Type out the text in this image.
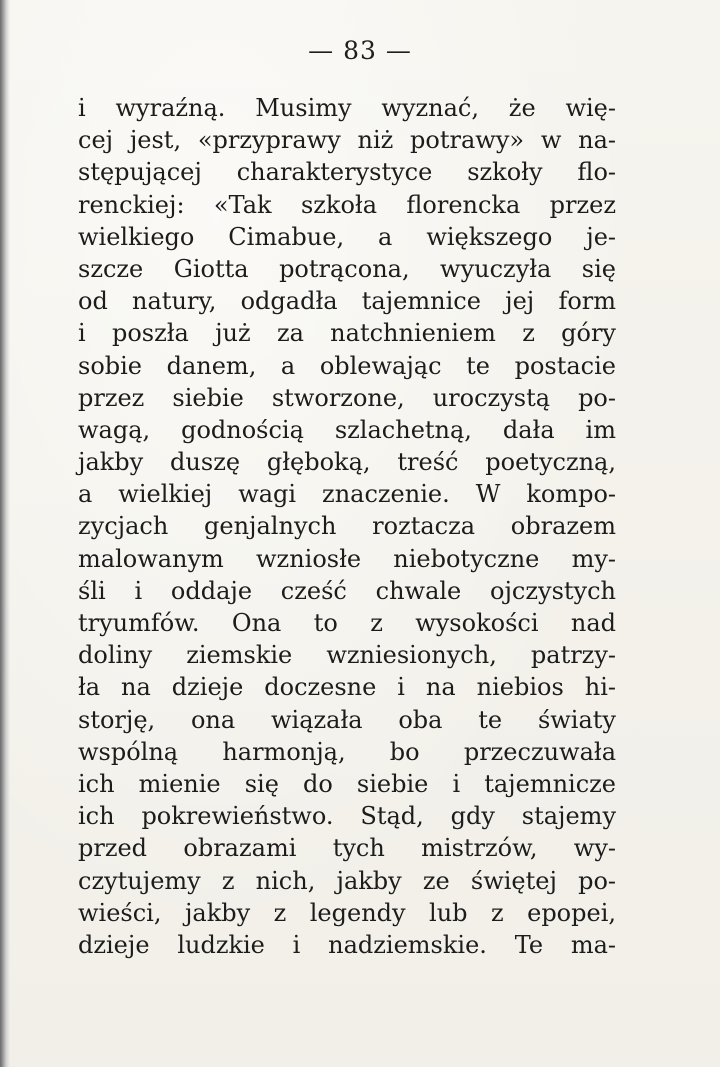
— 83 —
i wyraźną. Musimy wyznać, że wię-
cej jest, «przyprawy niż potrawy» w na-
stępującej charakterystyce szkoły flo-
renckiej: «Tak szkoła florencka przez
wielkiego Cimabue, a większego je-
szcze Giotta potrącona, wyuczyła się
od natury, odgadła tajemnice jej form
i poszła już za natchnieniem z góry
sobie danem, a oblewając te postacie
przez siebie stworzone, uroczystą po-
wagą, godnością szlachetną, dała im
jakby duszę głęboką, treść poetyczną,
a wielkiej wagi znaczenie. W kompo-
zycjach genjalnych roztacza obrazem
malowanym wzniosłe niebotyczne my-
śli i oddaje cześć chwale ojczystych
tryumfów. Ona to z wysokości nad
doliny ziemskie wzniesionych, patrzy-
ła na dzieje doczesne i na niebios hi-
storję, ona wiązała oba te światy
wspólną harmonją, bo przeczuwała
ich mienie się do siebie i tajemnicze
ich pokrewieństwo. Stąd, gdy stajemy
przed obrazami tych mistrzów, wy-
czytujemy z nich, jakby ze świętej po-
wieści, jakby z legendy lub z epopei,
dzieje ludzkie i nadziemskie. Te ma-
